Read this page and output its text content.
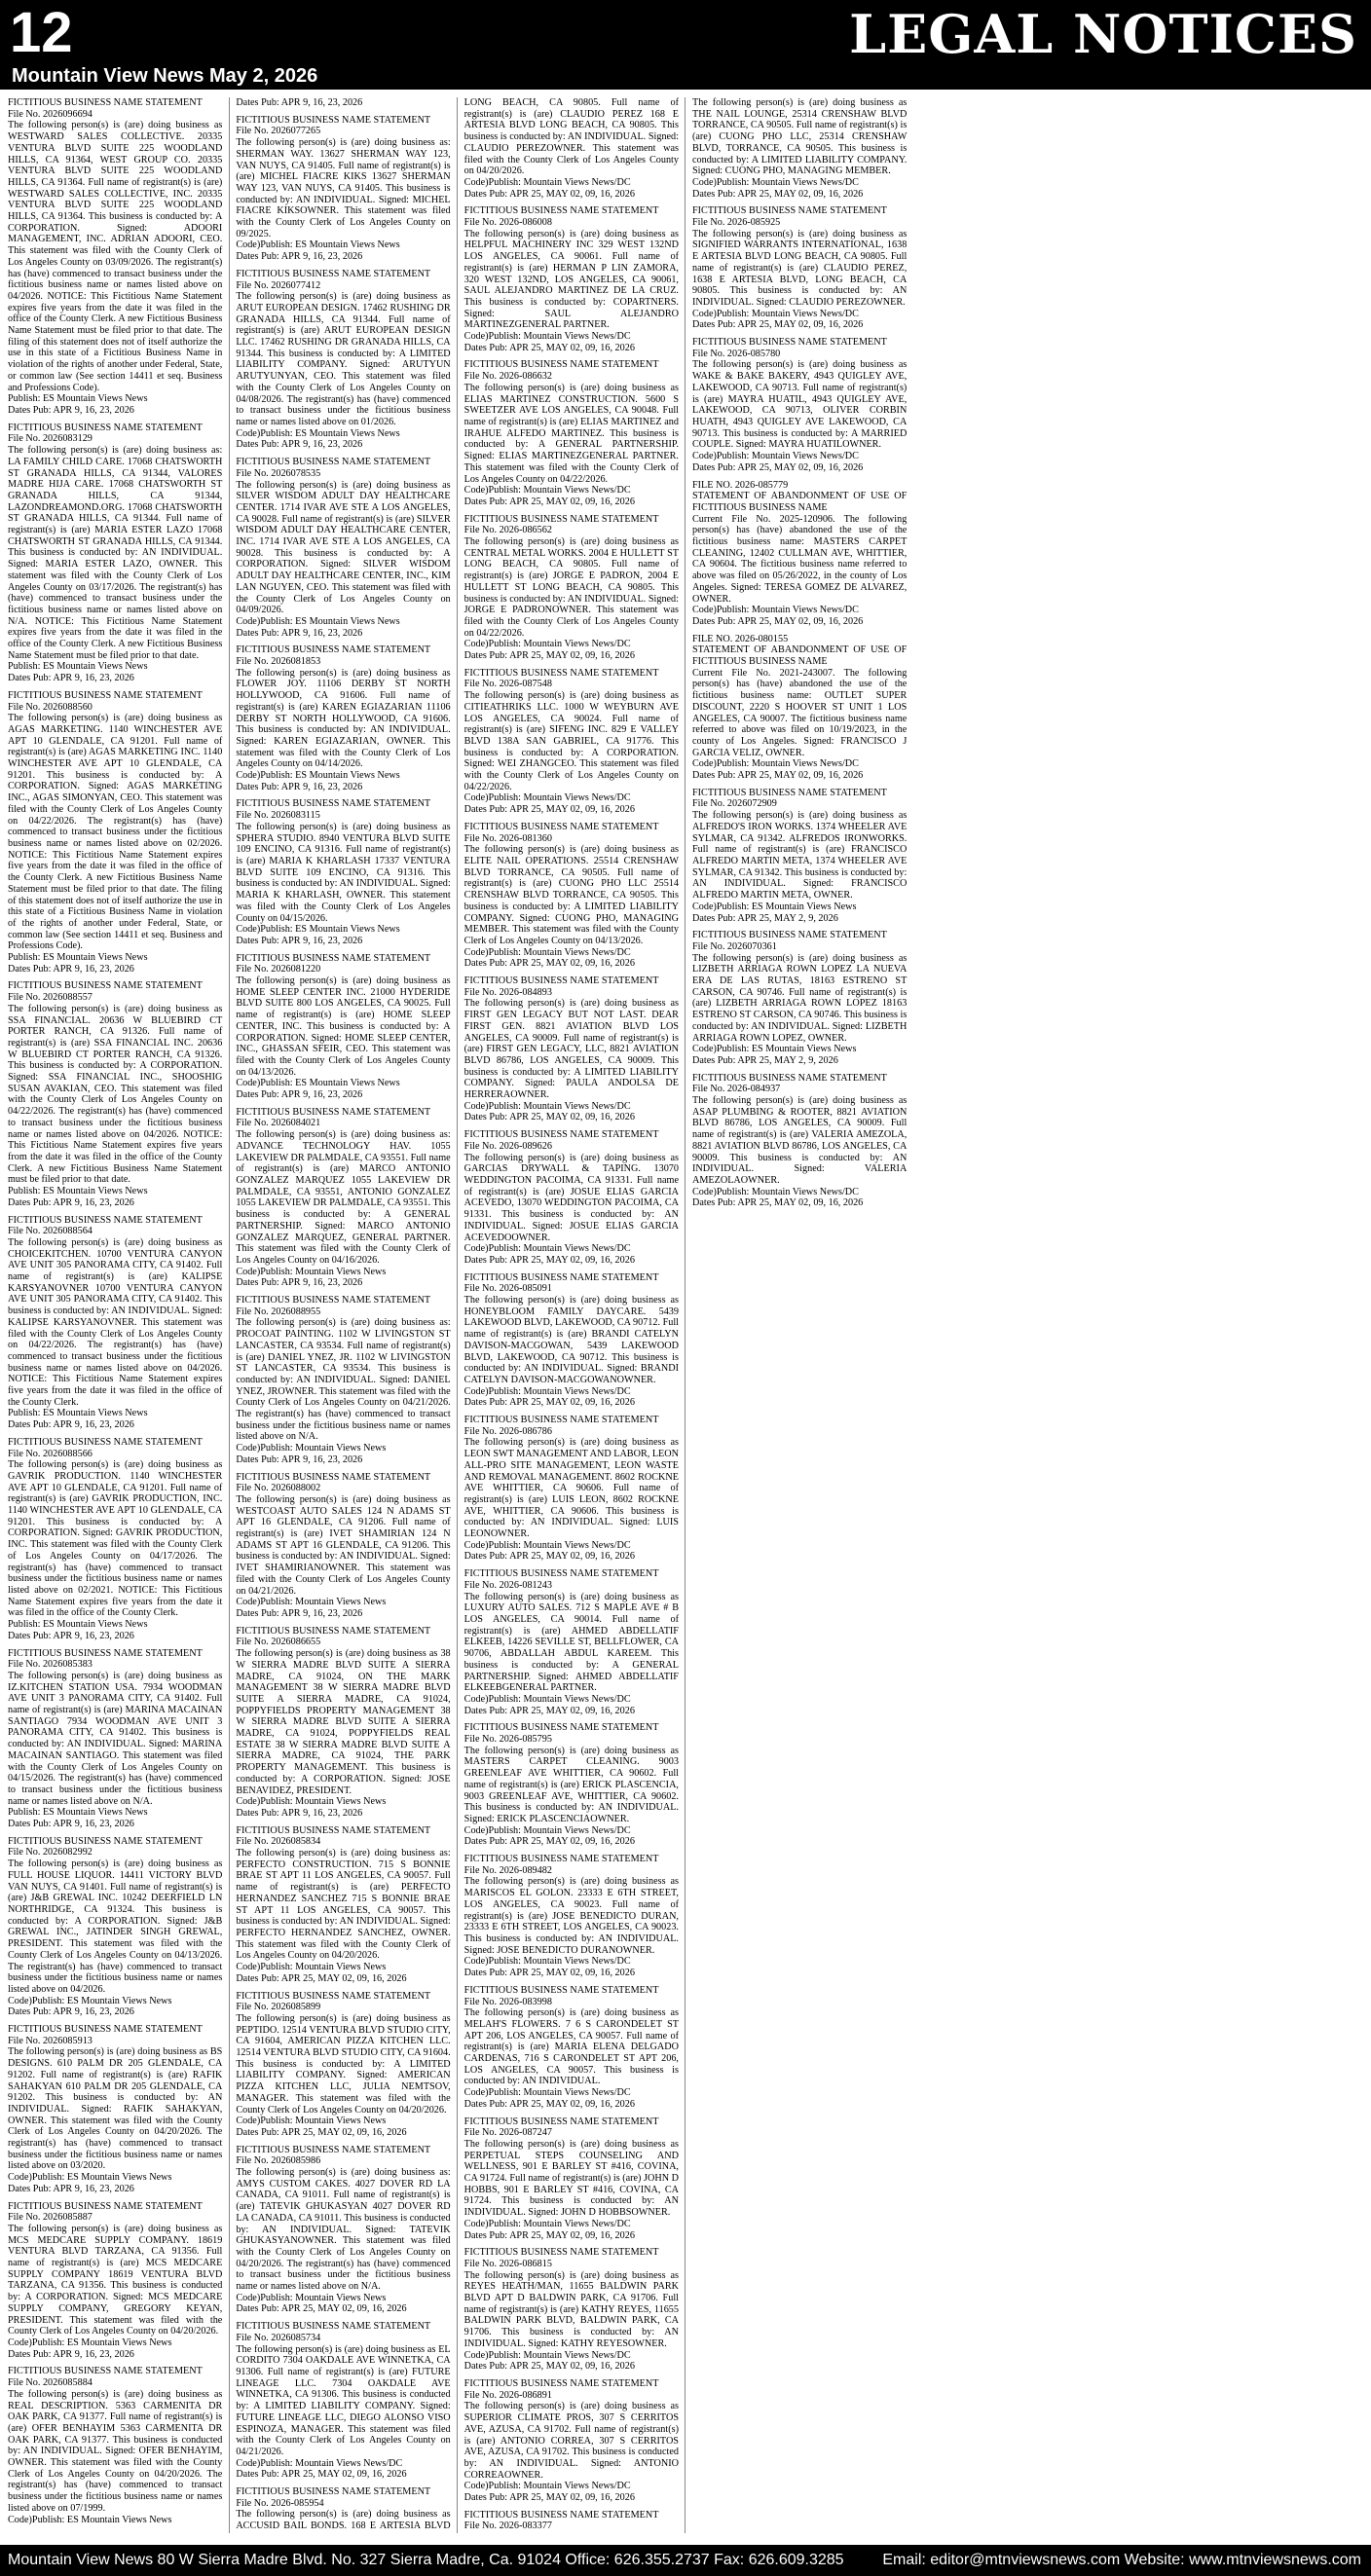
12	LEGAL NOTICES
Mountain View News May 2, 2026
FICTITIOUS BUSINESS NAME STATEMENT
File No. 2026096694
The following person(s) is (are) doing business as WESTWARD SALES COLLECTIVE. 20335 VENTURA BLVD SUITE 225 WOODLAND HILLS, CA 91364, WEST GROUP CO. 20335 VENTURA BLVD SUITE 225 WOODLAND HILLS, CA 91364. Full name of registrant(s) is (are) WESTWARD SALES COLLECTIVE, INC. 20335 VENTURA BLVD SUITE 225 WOODLAND HILLS, CA 91364. This business is conducted by: A CORPORATION. Signed: ADOORI MANAGEMENT, INC. ADRIAN ADOORI, CEO. This statement was filed with the County Clerk of Los Angeles County on 03/09/2026. The registrant(s) has (have) commenced to transact business under the fictitious business name or names listed above on 04/2026. NOTICE: This Fictitious Name Statement expires five years from the date it was filed in the office of the County Clerk. A new Fictitious Business Name Statement must be filed prior to that date. The filing of this statement does not of itself authorize the use in this state of a Fictitious Business Name in violation of the rights of another under Federal, State, or common law (See section 14411 et seq. Business and Professions Code).
Publish: ES Mountain Views News
Dates Pub: APR 9, 16, 23, 2026
FICTITIOUS BUSINESS NAME STATEMENT
File No. 2026083129
The following person(s) is (are) doing business as: LA FAMILY CHILD CARE. 17068 CHATSWORTH ST GRANADA HILLS, CA 91344, VALORES MADRE HIJA CARE. 17068 CHATSWORTH ST GRANADA HILLS, CA 91344, LAZONDREAMOND.ORG. 17068 CHATSWORTH ST GRANADA HILLS, CA 91344. Full name of registrant(s) is (are) MARIA ESTER LAZO 17068 CHATSWORTH ST GRANADA HILLS, CA 91344. This business is conducted by: AN INDIVIDUAL. Signed: MARIA ESTER LAZO, OWNER. This statement was filed with the County Clerk of Los Angeles County on 03/17/2026. The registrant(s) has (have) commenced to transact business under the fictitious business name or names listed above on N/A. NOTICE: This Fictitious Name Statement expires five years from the date it was filed in the office of the County Clerk. A new Fictitious Business Name Statement must be filed prior to that date.
Publish: ES Mountain Views News
Dates Pub: APR 9, 16, 23, 2026
FICTITIOUS BUSINESS NAME STATEMENT
File No. 2026088560
The following person(s) is (are) doing business as AGAS MARKETING. 1140 WINCHESTER AVE APT 10 GLENDALE, CA 91201. Full name of registrant(s) is (are) AGAS MARKETING INC. 1140 WINCHESTER AVE APT 10 GLENDALE, CA 91201. This business is conducted by: A CORPORATION. Signed: AGAS MARKETING INC., AGAS SIMONYAN, CEO. This statement was filed with the County Clerk of Los Angeles County on 04/22/2026. The registrant(s) has (have) commenced to transact business under the fictitious business name or names listed above on 02/2026. NOTICE: This Fictitious Name Statement expires five years from the date it was filed in the office of the County Clerk. A new Fictitious Business Name Statement must be filed prior to that date. The filing of this statement does not of itself authorize the use in this state of a Fictitious Business Name in violation of the rights of another under Federal, State, or common law (See section 14411 et seq. Business and Professions Code).
Publish: ES Mountain Views News
Dates Pub: APR 9, 16, 23, 2026
FICTITIOUS BUSINESS NAME STATEMENT
File No. 2026088557
The following person(s) is (are) doing business as SSA FINANCIAL. 20636 W BLUEBIRD CT PORTER RANCH, CA 91326. Full name of registrant(s) is (are) SSA FINANCIAL INC. 20636 W BLUEBIRD CT PORTER RANCH, CA 91326. This business is conducted by: A CORPORATION. Signed: SSA FINANCIAL INC., SHOOSHIG SUSAN AVAKIAN, CEO. This statement was filed with the County Clerk of Los Angeles County on 04/22/2026. The registrant(s) has (have) commenced to transact business under the fictitious business name or names listed above on 04/2026. NOTICE: This Fictitious Name Statement expires five years from the date it was filed in the office of the County Clerk. A new Fictitious Business Name Statement must be filed prior to that date.
Publish: ES Mountain Views News
Dates Pub: APR 9, 16, 23, 2026
FICTITIOUS BUSINESS NAME STATEMENT
File No. 2026088564
The following person(s) is (are) doing business as CHOICEKITCHEN. 10700 VENTURA CANYON AVE UNIT 305 PANORAMA CITY, CA 91402. Full name of registrant(s) is (are) KALIPSE KARSYANOVNER 10700 VENTURA CANYON AVE UNIT 305 PANORAMA CITY, CA 91402. This business is conducted by: AN INDIVIDUAL. Signed: KALIPSE KARSYANOVNER. This statement was filed with the County Clerk of Los Angeles County on 04/22/2026. The registrant(s) has (have) commenced to transact business under the fictitious business name or names listed above on 04/2026. NOTICE: This Fictitious Name Statement expires five years from the date it was filed in the office of the County Clerk.
Publish: ES Mountain Views News
Dates Pub: APR 9, 16, 23, 2026
FICTITIOUS BUSINESS NAME STATEMENT
File No. 2026088566
The following person(s) is (are) doing business as GAVRIK PRODUCTION. 1140 WINCHESTER AVE APT 10 GLENDALE, CA 91201. Full name of registrant(s) is (are) GAVRIK PRODUCTION, INC. 1140 WINCHESTER AVE APT 10 GLENDALE, CA 91201. This business is conducted by: A CORPORATION. Signed: GAVRIK PRODUCTION, INC. This statement was filed with the County Clerk of Los Angeles County on 04/17/2026. The registrant(s) has (have) commenced to transact business under the fictitious business name or names listed above on 02/2021. NOTICE: This Fictitious Name Statement expires five years from the date it was filed in the office of the County Clerk.
Publish: ES Mountain Views News
Dates Pub: APR 9, 16, 23, 2026
FICTITIOUS BUSINESS NAME STATEMENT
File No. 2026085383
The following person(s) is (are) doing business as IZ.KITCHEN STATION USA. 7934 WOODMAN AVE UNIT 3 PANORAMA CITY, CA 91402. Full name of registrant(s) is (are) MARINA MACAINAN SANTIAGO 7934 WOODMAN AVE UNIT 3 PANORAMA CITY, CA 91402. This business is conducted by: AN INDIVIDUAL. Signed: MARINA MACAINAN SANTIAGO. This statement was filed with the County Clerk of Los Angeles County on 04/15/2026. The registrant(s) has (have) commenced to transact business under the fictitious business name or names listed above on N/A.
Publish: ES Mountain Views News
Dates Pub: APR 9, 16, 23, 2026
FICTITIOUS BUSINESS NAME STATEMENT
File No. 2026082992
The following person(s) is (are) doing business as FULL HOUSE LIQUOR. 14411 VICTORY BLVD VAN NUYS, CA 91401. Full name of registrant(s) is (are) J&B GREWAL INC. 10242 DEERFIELD LN NORTHRIDGE, CA 91324. This business is conducted by: A CORPORATION. Signed: J&B GREWAL INC., JATINDER SINGH GREWAL, PRESIDENT. This statement was filed with the County Clerk of Los Angeles County on 04/13/2026. The registrant(s) has (have) commenced to transact business under the fictitious business name or names listed above on 04/2026.
Code)Publish: ES Mountain Views News
Dates Pub: APR 9, 16, 23, 2026
FICTITIOUS BUSINESS NAME STATEMENT
File No. 2026085913
The following person(s) is (are) doing business as BS DESIGNS. 610 PALM DR 205 GLENDALE, CA 91202. Full name of registrant(s) is (are) RAFIK SAHAKYAN 610 PALM DR 205 GLENDALE, CA 91202. This business is conducted by: AN INDIVIDUAL. Signed: RAFIK SAHAKYAN, OWNER. This statement was filed with the County Clerk of Los Angeles County on 04/20/2026. The registrant(s) has (have) commenced to transact business under the fictitious business name or names listed above on 03/2020.
Code)Publish: ES Mountain Views News
Dates Pub: APR 9, 16, 23, 2026
FICTITIOUS BUSINESS NAME STATEMENT
File No. 2026085887
The following person(s) is (are) doing business as MCS MEDCARE SUPPLY COMPANY. 18619 VENTURA BLVD TARZANA, CA 91356. Full name of registrant(s) is (are) MCS MEDCARE SUPPLY COMPANY 18619 VENTURA BLVD TARZANA, CA 91356. This business is conducted by: A CORPORATION. Signed: MCS MEDCARE SUPPLY COMPANY, GREGORY KEYAN, PRESIDENT. This statement was filed with the County Clerk of Los Angeles County on 04/20/2026.
Code)Publish: ES Mountain Views News
Dates Pub: APR 9, 16, 23, 2026
FICTITIOUS BUSINESS NAME STATEMENT
File No. 2026085884
The following person(s) is (are) doing business as REAL DESCRIPTION. 5363 CARMENITA DR OAK PARK, CA 91377. Full name of registrant(s) is (are) OFER BENHAYIM 5363 CARMENITA DR OAK PARK, CA 91377. This business is conducted by: AN INDIVIDUAL. Signed: OFER BENHAYIM, OWNER. This statement was filed with the County Clerk of Los Angeles County on 04/20/2026. The registrant(s) has (have) commenced to transact business under the fictitious business name or names listed above on 07/1999.
Code)Publish: ES Mountain Views News
Dates Pub: APR 9, 16, 23, 2026
FICTITIOUS BUSINESS NAME STATEMENT
File No. 2026077265
The following person(s) is (are) doing business as: SHERMAN WAY. 13627 SHERMAN WAY 123, VAN NUYS, CA 91405. Full name of registrant(s) is (are) MICHEL FIACRE KIKS 13627 SHERMAN WAY 123, VAN NUYS, CA 91405. This business is conducted by: AN INDIVIDUAL. Signed: MICHEL FIACRE KIKSOWNER. This statement was filed with the County Clerk of Los Angeles County on 09/2025.
Code)Publish: ES Mountain Views News
Dates Pub: APR 9, 16, 23, 2026
FICTITIOUS BUSINESS NAME STATEMENT
File No. 2026077412
The following person(s) is (are) doing business as ARUT EUROPEAN DESIGN. 17462 RUSHING DR GRANADA HILLS, CA 91344. Full name of registrant(s) is (are) ARUT EUROPEAN DESIGN LLC. 17462 RUSHING DR GRANADA HILLS, CA 91344. This business is conducted by: A LIMITED LIABILITY COMPANY. Signed: ARUTYUN ARUTYUNYAN, CEO. This statement was filed with the County Clerk of Los Angeles County on 04/08/2026. The registrant(s) has (have) commenced to transact business under the fictitious business name or names listed above on 01/2026.
Code)Publish: ES Mountain Views News
Dates Pub: APR 9, 16, 23, 2026
FICTITIOUS BUSINESS NAME STATEMENT
File No. 2026078535
The following person(s) is (are) doing business as SILVER WISDOM ADULT DAY HEALTHCARE CENTER. 1714 IVAR AVE STE A LOS ANGELES, CA 90028. Full name of registrant(s) is (are) SILVER WISDOM ADULT DAY HEALTHCARE CENTER, INC. 1714 IVAR AVE STE A LOS ANGELES, CA 90028. This business is conducted by: A CORPORATION. Signed: SILVER WISDOM ADULT DAY HEALTHCARE CENTER, INC., KIM LAN NGUYEN, CEO. This statement was filed with the County Clerk of Los Angeles County on 04/09/2026.
Code)Publish: ES Mountain Views News
Dates Pub: APR 9, 16, 23, 2026
FICTITIOUS BUSINESS NAME STATEMENT
File No. 2026081853
The following person(s) is (are) doing business as FLOWER JOY. 11106 DERBY ST NORTH HOLLYWOOD, CA 91606. Full name of registrant(s) is (are) KAREN EGIAZARIAN 11106 DERBY ST NORTH HOLLYWOOD, CA 91606. This business is conducted by: AN INDIVIDUAL. Signed: KAREN EGIAZARIAN, OWNER. This statement was filed with the County Clerk of Los Angeles County on 04/14/2026.
Code)Publish: ES Mountain Views News
Dates Pub: APR 9, 16, 23, 2026
FICTITIOUS BUSINESS NAME STATEMENT
File No. 2026083115
The following person(s) is (are) doing business as SPHERA STUDIO. 8940 VENTURA BLVD SUITE 109 ENCINO, CA 91316. Full name of registrant(s) is (are) MARIA K KHARLASH 17337 VENTURA BLVD SUITE 109 ENCINO, CA 91316. This business is conducted by: AN INDIVIDUAL. Signed: MARIA K KHARLASH, OWNER. This statement was filed with the County Clerk of Los Angeles County on 04/15/2026.
Code)Publish: ES Mountain Views News
Dates Pub: APR 9, 16, 23, 2026
FICTITIOUS BUSINESS NAME STATEMENT
File No. 2026081220
The following person(s) is (are) doing business as HOME SLEEP CENTER INC. 21000 HYDERIDE BLVD SUITE 800 LOS ANGELES, CA 90025. Full name of registrant(s) is (are) HOME SLEEP CENTER, INC. This business is conducted by: A CORPORATION. Signed: HOME SLEEP CENTER, INC., GHASSAN SFEIR, CEO. This statement was filed with the County Clerk of Los Angeles County on 04/13/2026.
Code)Publish: ES Mountain Views News
Dates Pub: APR 9, 16, 23, 2026
FICTITIOUS BUSINESS NAME STATEMENT
File No. 2026084021
The following person(s) is (are) doing business as: ADVANCE TECHNOLOGY HAV. 1055 LAKEVIEW DR PALMDALE, CA 93551. Full name of registrant(s) is (are) MARCO ANTONIO GONZALEZ MARQUEZ 1055 LAKEVIEW DR PALMDALE, CA 93551, ANTONIO GONZALEZ 1055 LAKEVIEW DR PALMDALE, CA 93551. This business is conducted by: A GENERAL PARTNERSHIP. Signed: MARCO ANTONIO GONZALEZ MARQUEZ, GENERAL PARTNER. This statement was filed with the County Clerk of Los Angeles County on 04/16/2026.
Code)Publish: Mountain Views News
Dates Pub: APR 9, 16, 23, 2026
FICTITIOUS BUSINESS NAME STATEMENT
File No. 2026088955
The following person(s) is (are) doing business as: PROCOAT PAINTING. 1102 W LIVINGSTON ST LANCASTER, CA 93534. Full name of registrant(s) is (are) DANIEL YNEZ, JR. 1102 W LIVINGSTON ST LANCASTER, CA 93534. This business is conducted by: AN INDIVIDUAL. Signed: DANIEL YNEZ, JROWNER. This statement was filed with the County Clerk of Los Angeles County on 04/21/2026. The registrant(s) has (have) commenced to transact business under the fictitious business name or names listed above on N/A.
Code)Publish: Mountain Views News
Dates Pub: APR 9, 16, 23, 2026
FICTITIOUS BUSINESS NAME STATEMENT
File No. 2026088002
The following person(s) is (are) doing business as WESTCOAST AUTO SALES 124 N ADAMS ST APT 16 GLENDALE, CA 91206. Full name of registrant(s) is (are) IVET SHAMIRIAN 124 N ADAMS ST APT 16 GLENDALE, CA 91206. This business is conducted by: AN INDIVIDUAL. Signed: IVET SHAMIRIANOWNER. This statement was filed with the County Clerk of Los Angeles County on 04/21/2026.
Code)Publish: Mountain Views News
Dates Pub: APR 9, 16, 23, 2026
FICTITIOUS BUSINESS NAME STATEMENT
File No. 2026086655
The following person(s) is (are) doing business as 38 W SIERRA MADRE BLVD SUITE A SIERRA MADRE, CA 91024, ON THE MARK MANAGEMENT 38 W SIERRA MADRE BLVD SUITE A SIERRA MADRE, CA 91024, POPPYFIELDS PROPERTY MANAGEMENT 38 W SIERRA MADRE BLVD SUITE A SIERRA MADRE, CA 91024, POPPYFIELDS REAL ESTATE 38 W SIERRA MADRE BLVD SUITE A SIERRA MADRE, CA 91024, THE PARK PROPERTY MANAGEMENT. This business is conducted by: A CORPORATION. Signed: JOSE BENAVIDEZ, PRESIDENT.
Code)Publish: Mountain Views News
Dates Pub: APR 9, 16, 23, 2026
FICTITIOUS BUSINESS NAME STATEMENT
File No. 2026085834
The following person(s) is (are) doing business as: PERFECTO CONSTRUCTION. 715 S BONNIE BRAE ST APT 11 LOS ANGELES, CA 90057. Full name of registrant(s) is (are) PERFECTO HERNANDEZ SANCHEZ 715 S BONNIE BRAE ST APT 11 LOS ANGELES, CA 90057. This business is conducted by: AN INDIVIDUAL. Signed: PERFECTO HERNANDEZ SANCHEZ, OWNER. This statement was filed with the County Clerk of Los Angeles County on 04/20/2026.
Code)Publish: Mountain Views News
Dates Pub: APR 25, MAY 02, 09, 16, 2026
FICTITIOUS BUSINESS NAME STATEMENT
File No. 2026085899
The following person(s) is (are) doing business as PEPTIDO. 12514 VENTURA BLVD STUDIO CITY, CA 91604, AMERICAN PIZZA KITCHEN LLC. 12514 VENTURA BLVD STUDIO CITY, CA 91604. This business is conducted by: A LIMITED LIABILITY COMPANY. Signed: AMERICAN PIZZA KITCHEN LLC, JULIA NEMTSOV, MANAGER. This statement was filed with the County Clerk of Los Angeles County on 04/20/2026.
Code)Publish: Mountain Views News
Dates Pub: APR 25, MAY 02, 09, 16, 2026
FICTITIOUS BUSINESS NAME STATEMENT
File No. 2026085986
The following person(s) is (are) doing business as: AMYS CUSTOM CAKES. 4027 DOVER RD LA CANADA, CA 91011. Full name of registrant(s) is (are) TATEVIK GHUKASYAN 4027 DOVER RD LA CANADA, CA 91011. This business is conducted by: AN INDIVIDUAL. Signed: TATEVIK GHUKASYANOWNER. This statement was filed with the County Clerk of Los Angeles County on 04/20/2026. The registrant(s) has (have) commenced to transact business under the fictitious business name or names listed above on N/A.
Code)Publish: Mountain Views News
Dates Pub: APR 25, MAY 02, 09, 16, 2026
FICTITIOUS BUSINESS NAME STATEMENT
File No. 2026085734
The following person(s) is (are) doing business as EL CORDITO 7304 OAKDALE AVE WINNETKA, CA 91306. Full name of registrant(s) is (are) FUTURE LINEAGE LLC. 7304 OAKDALE AVE WINNETKA, CA 91306. This business is conducted by: A LIMITED LIABILITY COMPANY. Signed: FUTURE LINEAGE LLC, DIEGO ALONSO VISO ESPINOZA, MANAGER. This statement was filed with the County Clerk of Los Angeles County on 04/21/2026.
Code)Publish: Mountain Views News/DC
Dates Pub: APR 25, MAY 02, 09, 16, 2026
FICTITIOUS BUSINESS NAME STATEMENT
File No. 2026-085954
The following person(s) is (are) doing business as ACCUSID BAIL BONDS. 168 E ARTESIA BLVD LONG BEACH, CA 90805. Full name of registrant(s) is (are) CLAUDIO PEREZ 168 E ARTESIA BLVD LONG BEACH, CA 90805. This business is conducted by: AN INDIVIDUAL. Signed: CLAUDIO PEREZOWNER. This statement was filed with the County Clerk of Los Angeles County on 04/20/2026.
Code)Publish: Mountain Views News/DC
Dates Pub: APR 25, MAY 02, 09, 16, 2026
FICTITIOUS BUSINESS NAME STATEMENT
File No. 2026-086008
The following person(s) is (are) doing business as HELPFUL MACHINERY INC 329 WEST 132ND LOS ANGELES, CA 90061. Full name of registrant(s) is (are) HERMAN P LIN ZAMORA, 320 WEST 132ND, LOS ANGELES, CA 90061, SAUL ALEJANDRO MARTINEZ DE LA CRUZ. This business is conducted by: COPARTNERS. Signed: SAUL ALEJANDRO MARTINEZGENERAL PARTNER.
Code)Publish: Mountain Views News/DC
Dates Pub: APR 25, MAY 02, 09, 16, 2026
FICTITIOUS BUSINESS NAME STATEMENT
File No. 2026-086632
The following person(s) is (are) doing business as ELIAS MARTINEZ CONSTRUCTION. 5600 S SWEETZER AVE LOS ANGELES, CA 90048. Full name of registrant(s) is (are) ELIAS MARTINEZ and IRAHUE ALFEDO MARTINEZ. This business is conducted by: A GENERAL PARTNERSHIP. Signed: ELIAS MARTINEZGENERAL PARTNER. This statement was filed with the County Clerk of Los Angeles County on 04/22/2026.
Code)Publish: Mountain Views News/DC
Dates Pub: APR 25, MAY 02, 09, 16, 2026
FICTITIOUS BUSINESS NAME STATEMENT
File No. 2026-086562
The following person(s) is (are) doing business as CENTRAL METAL WORKS. 2004 E HULLETT ST LONG BEACH, CA 90805. Full name of registrant(s) is (are) JORGE E PADRON, 2004 E HULLETT ST LONG BEACH, CA 90805. This business is conducted by: AN INDIVIDUAL. Signed: JORGE E PADRONOWNER. This statement was filed with the County Clerk of Los Angeles County on 04/22/2026.
Code)Publish: Mountain Views News/DC
Dates Pub: APR 25, MAY 02, 09, 16, 2026
FICTITIOUS BUSINESS NAME STATEMENT
File No. 2026-087548
The following person(s) is (are) doing business as CITIEATHRIKS LLC. 1000 W WEYBURN AVE LOS ANGELES, CA 90024. Full name of registrant(s) is (are) SIFENG INC. 829 E VALLEY BLVD 138A SAN GABRIEL, CA 91776. This business is conducted by: A CORPORATION. Signed: WEI ZHANGCEO. This statement was filed with the County Clerk of Los Angeles County on 04/22/2026.
Code)Publish: Mountain Views News/DC
Dates Pub: APR 25, MAY 02, 09, 16, 2026
FICTITIOUS BUSINESS NAME STATEMENT
File No. 2026-081360
The following person(s) is (are) doing business as ELITE NAIL OPERATIONS. 25514 CRENSHAW BLVD TORRANCE, CA 90505. Full name of registrant(s) is (are) CUONG PHO LLC 25514 CRENSHAW BLVD TORRANCE, CA 90505. This business is conducted by: A LIMITED LIABILITY COMPANY. Signed: CUONG PHO, MANAGING MEMBER. This statement was filed with the County Clerk of Los Angeles County on 04/13/2026.
Code)Publish: Mountain Views News/DC
Dates Pub: APR 25, MAY 02, 09, 16, 2026
FICTITIOUS BUSINESS NAME STATEMENT
File No. 2026-084893
The following person(s) is (are) doing business as FIRST GEN LEGACY BUT NOT LAST. DEAR FIRST GEN. 8821 AVIATION BLVD LOS ANGELES, CA 90009. Full name of registrant(s) is (are) FIRST GEN LEGACY, LLC, 8821 AVIATION BLVD 86786, LOS ANGELES, CA 90009. This business is conducted by: A LIMITED LIABILITY COMPANY. Signed: PAULA ANDOLSA DE HERRERAOWNER.
Code)Publish: Mountain Views News/DC
Dates Pub: APR 25, MAY 02, 09, 16, 2026
FICTITIOUS BUSINESS NAME STATEMENT
File No. 2026-089626
The following person(s) is (are) doing business as GARCIAS DRYWALL & TAPING. 13070 WEDDINGTON PACOIMA, CA 91331. Full name of registrant(s) is (are) JOSUE ELIAS GARCIA ACEVEDO, 13070 WEDDINGTON PACOIMA, CA 91331. This business is conducted by: AN INDIVIDUAL. Signed: JOSUE ELIAS GARCIA ACEVEDOOWNER.
Code)Publish: Mountain Views News/DC
Dates Pub: APR 25, MAY 02, 09, 16, 2026
FICTITIOUS BUSINESS NAME STATEMENT
File No. 2026-085091
The following person(s) is (are) doing business as HONEYBLOOM FAMILY DAYCARE. 5439 LAKEWOOD BLVD, LAKEWOOD, CA 90712. Full name of registrant(s) is (are) BRANDI CATELYN DAVISON-MACGOWAN, 5439 LAKEWOOD BLVD, LAKEWOOD, CA 90712. This business is conducted by: AN INDIVIDUAL. Signed: BRANDI CATELYN DAVISON-MACGOWANOWNER.
Code)Publish: Mountain Views News/DC
Dates Pub: APR 25, MAY 02, 09, 16, 2026
FICTITIOUS BUSINESS NAME STATEMENT
File No. 2026-086786
The following person(s) is (are) doing business as LEON SWT MANAGEMENT AND LABOR, LEON ALL-PRO SITE MANAGEMENT, LEON WASTE AND REMOVAL MANAGEMENT. 8602 ROCKNE AVE WHITTIER, CA 90606. Full name of registrant(s) is (are) LUIS LEON, 8602 ROCKNE AVE, WHITTIER, CA 90606. This business is conducted by: AN INDIVIDUAL. Signed: LUIS LEONOWNER.
Code)Publish: Mountain Views News/DC
Dates Pub: APR 25, MAY 02, 09, 16, 2026
FICTITIOUS BUSINESS NAME STATEMENT
File No. 2026-081243
The following person(s) is (are) doing business as LUXURY AUTO SALES. 712 S MAPLE AVE # B LOS ANGELES, CA 90014. Full name of registrant(s) is (are) AHMED ABDELLATIF ELKEEB, 14226 SEVILLE ST, BELLFLOWER, CA 90706, ABDALLAH ABDUL KAREEM. This business is conducted by: A GENERAL PARTNERSHIP. Signed: AHMED ABDELLATIF ELKEEBGENERAL PARTNER.
Code)Publish: Mountain Views News/DC
Dates Pub: APR 25, MAY 02, 09, 16, 2026
FICTITIOUS BUSINESS NAME STATEMENT
File No. 2026-085795
The following person(s) is (are) doing business as MASTERS CARPET CLEANING. 9003 GREENLEAF AVE WHITTIER, CA 90602. Full name of registrant(s) is (are) ERICK PLASCENCIA, 9003 GREENLEAF AVE, WHITTIER, CA 90602. This business is conducted by: AN INDIVIDUAL. Signed: ERICK PLASCENCIAOWNER.
Code)Publish: Mountain Views News/DC
Dates Pub: APR 25, MAY 02, 09, 16, 2026
FICTITIOUS BUSINESS NAME STATEMENT
File No. 2026-089482
The following person(s) is (are) doing business as MARISCOS EL GOLON. 23333 E 6TH STREET, LOS ANGELES, CA 90023. Full name of registrant(s) is (are) JOSE BENEDICTO DURAN, 23333 E 6TH STREET, LOS ANGELES, CA 90023. This business is conducted by: AN INDIVIDUAL. Signed: JOSE BENEDICTO DURANOWNER.
Code)Publish: Mountain Views News/DC
Dates Pub: APR 25, MAY 02, 09, 16, 2026
FICTITIOUS BUSINESS NAME STATEMENT
File No. 2026-083998
The following person(s) is (are) doing business as MELAH'S FLOWERS. 7 6 S CARONDELET ST APT 206, LOS ANGELES, CA 90057. Full name of registrant(s) is (are) MARIA ELENA DELGADO CARDENAS, 716 S CARONDELET ST APT 206, LOS ANGELES, CA 90057. This business is conducted by: AN INDIVIDUAL.
Code)Publish: Mountain Views News/DC
Dates Pub: APR 25, MAY 02, 09, 16, 2026
FICTITIOUS BUSINESS NAME STATEMENT
File No. 2026-087247
The following person(s) is (are) doing business as PERPETUAL STEPS COUNSELING AND WELLNESS, 901 E BARLEY ST #416, COVINA, CA 91724. Full name of registrant(s) is (are) JOHN D HOBBS, 901 E BARLEY ST #416, COVINA, CA 91724. This business is conducted by: AN INDIVIDUAL. Signed: JOHN D HOBBSOWNER.
Code)Publish: Mountain Views News/DC
Dates Pub: APR 25, MAY 02, 09, 16, 2026
FICTITIOUS BUSINESS NAME STATEMENT
File No. 2026-086815
The following person(s) is (are) doing business as REYES HEATH/MAN, 11655 BALDWIN PARK BLVD APT D BALDWIN PARK, CA 91706. Full name of registrant(s) is (are) KATHY REYES, 11655 BALDWIN PARK BLVD, BALDWIN PARK, CA 91706. This business is conducted by: AN INDIVIDUAL. Signed: KATHY REYESOWNER.
Code)Publish: Mountain Views News/DC
Dates Pub: APR 25, MAY 02, 09, 16, 2026
FICTITIOUS BUSINESS NAME STATEMENT
File No. 2026-086891
The following person(s) is (are) doing business as SUPERIOR CLIMATE PROS, 307 S CERRITOS AVE, AZUSA, CA 91702. Full name of registrant(s) is (are) ANTONIO CORREA, 307 S CERRITOS AVE, AZUSA, CA 91702. This business is conducted by: AN INDIVIDUAL. Signed: ANTONIO CORREAOWNER.
Code)Publish: Mountain Views News/DC
Dates Pub: APR 25, MAY 02, 09, 16, 2026
FICTITIOUS BUSINESS NAME STATEMENT
File No. 2026-083377
The following person(s) is (are) doing business as THE NAIL LOUNGE, 25314 CRENSHAW BLVD TORRANCE, CA 90505. Full name of registrant(s) is (are) CUONG PHO LLC, 25314 CRENSHAW BLVD, TORRANCE, CA 90505. This business is conducted by: A LIMITED LIABILITY COMPANY. Signed: CUONG PHO, MANAGING MEMBER.
Code)Publish: Mountain Views News/DC
Dates Pub: APR 25, MAY 02, 09, 16, 2026
FICTITIOUS BUSINESS NAME STATEMENT
File No. 2026-085925
The following person(s) is (are) doing business as SIGNIFIED WARRANTS INTERNATIONAL, 1638 E ARTESIA BLVD LONG BEACH, CA 90805. Full name of registrant(s) is (are) CLAUDIO PEREZ, 1638 E ARTESIA BLVD, LONG BEACH, CA 90805. This business is conducted by: AN INDIVIDUAL. Signed: CLAUDIO PEREZOWNER.
Code)Publish: Mountain Views News/DC
Dates Pub: APR 25, MAY 02, 09, 16, 2026
FICTITIOUS BUSINESS NAME STATEMENT
File No. 2026-085780
The following person(s) is (are) doing business as WAKE & BAKE BAKERY, 4943 QUIGLEY AVE, LAKEWOOD, CA 90713. Full name of registrant(s) is (are) MAYRA HUATIL, 4943 QUIGLEY AVE, LAKEWOOD, CA 90713, OLIVER CORBIN HUATH, 4943 QUIGLEY AVE LAKEWOOD, CA 90713. This business is conducted by: A MARRIED COUPLE. Signed: MAYRA HUATILOWNER.
Code)Publish: Mountain Views News/DC
Dates Pub: APR 25, MAY 02, 09, 16, 2026
FILE NO. 2026-085779
STATEMENT OF ABANDONMENT OF USE OF FICTITIOUS BUSINESS NAME
Current File No. 2025-120906. The following person(s) has (have) abandoned the use of the fictitious business name: MASTERS CARPET CLEANING, 12402 CULLMAN AVE, WHITTIER, CA 90604. The fictitious business name referred to above was filed on 05/26/2022, in the county of Los Angeles. Signed: TERESA GOMEZ DE ALVAREZ, OWNER.
Code)Publish: Mountain Views News/DC
Dates Pub: APR 25, MAY 02, 09, 16, 2026
FILE NO. 2026-080155
STATEMENT OF ABANDONMENT OF USE OF FICTITIOUS BUSINESS NAME
Current File No. 2021-243007. The following person(s) has (have) abandoned the use of the fictitious business name: OUTLET SUPER DISCOUNT, 2220 S HOOVER ST UNIT 1 LOS ANGELES, CA 90007. The fictitious business name referred to above was filed on 10/19/2023, in the county of Los Angeles. Signed: FRANCISCO J GARCIA VELIZ, OWNER.
Code)Publish: Mountain Views News/DC
Dates Pub: APR 25, MAY 02, 09, 16, 2026
FICTITIOUS BUSINESS NAME STATEMENT
File No. 2026072909
The following person(s) is (are) doing business as ALFREDO'S IRON WORKS. 1374 WHEELER AVE SYLMAR, CA 91342. ALFREDOS IRONWORKS. Full name of registrant(s) is (are) FRANCISCO ALFREDO MARTIN META, 1374 WHEELER AVE SYLMAR, CA 91342. This business is conducted by: AN INDIVIDUAL. Signed: FRANCISCO ALFREDO MARTIN META, OWNER.
Code)Publish: ES Mountain Views News
Dates Pub: APR 25, MAY 2, 9, 2026
FICTITIOUS BUSINESS NAME STATEMENT
File No. 2026070361
The following person(s) is (are) doing business as LIZBETH ARRIAGA ROWN LOPEZ LA NUEVA ERA DE LAS RUTAS, 18163 ESTRENO ST CARSON, CA 90746. Full name of registrant(s) is (are) LIZBETH ARRIAGA ROWN LOPEZ 18163 ESTRENO ST CARSON, CA 90746. This business is conducted by: AN INDIVIDUAL. Signed: LIZBETH ARRIAGA ROWN LOPEZ, OWNER.
Code)Publish: ES Mountain Views News
Dates Pub: APR 25, MAY 2, 9, 2026
FICTITIOUS BUSINESS NAME STATEMENT
File No. 2026-084937
The following person(s) is (are) doing business as ASAP PLUMBING & ROOTER, 8821 AVIATION BLVD 86786, LOS ANGELES, CA 90009. Full name of registrant(s) is (are) VALERIA AMEZOLA, 8821 AVIATION BLVD 86786, LOS ANGELES, CA 90009. This business is conducted by: AN INDIVIDUAL. Signed: VALERIA AMEZOLAOWNER.
Code)Publish: Mountain Views News/DC
Dates Pub: APR 25, MAY 02, 09, 16, 2026
Mountain View News 80 W Sierra Madre Blvd. No. 327 Sierra Madre, Ca. 91024 Office: 626.355.2737 Fax: 626.609.3285 Email: editor@mtnviewsnews.com Website: www.mtnviewsnews.com
